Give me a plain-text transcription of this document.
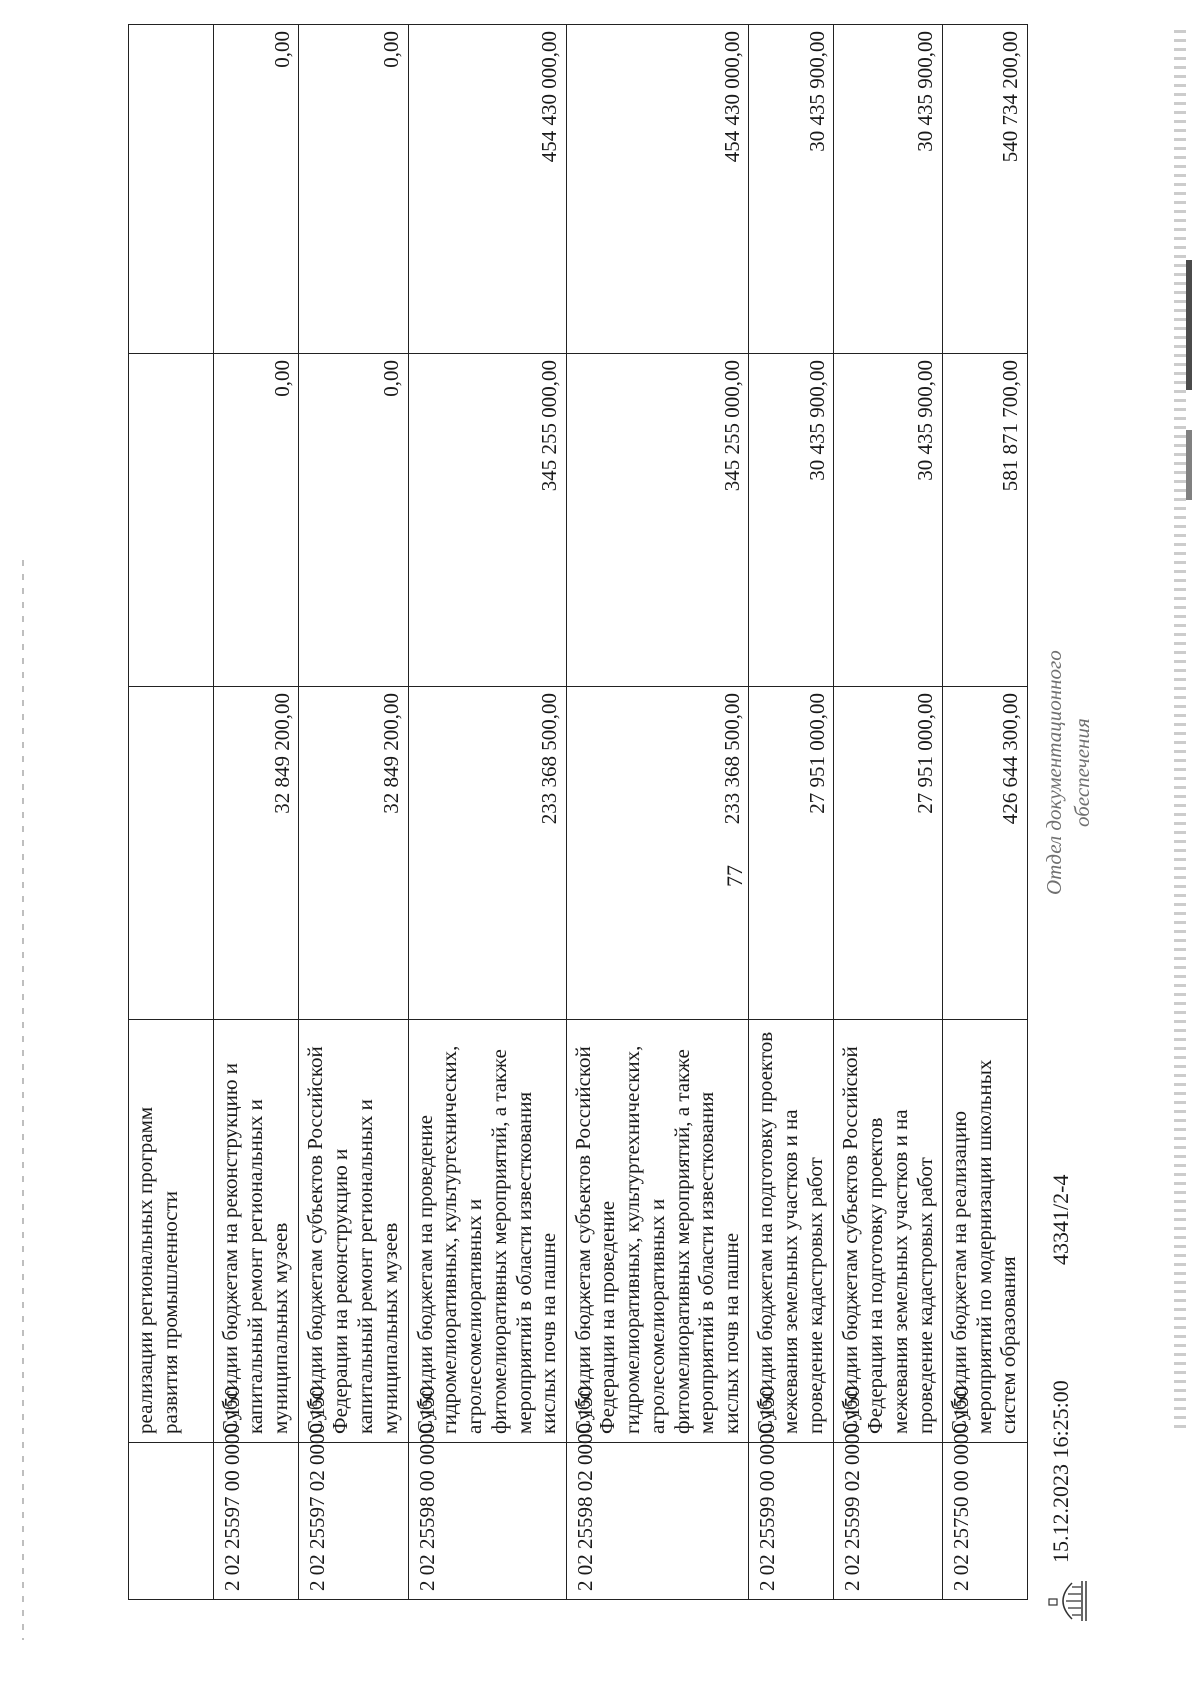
77
	реализации региональных программ развития промышленности			
2 02 25597 00 0000 150	Субсидии бюджетам на реконструкцию и капитальный ремонт региональных и муниципальных музеев	32 849 200,00	0,00	0,00
2 02 25597 02 0000 150	Субсидии бюджетам субъектов Российской Федерации на реконструкцию и капитальный ремонт региональных и муниципальных музеев	32 849 200,00	0,00	0,00
2 02 25598 00 0000 150	Субсидии бюджетам на проведение гидромелиоративных, культуртехнических, агролесомелиоративных и фитомелиоративных мероприятий, а также мероприятий в области известкования кислых почв на пашне	233 368 500,00	345 255 000,00	454 430 000,00
2 02 25598 02 0000 150	Субсидии бюджетам субъектов Российской Федерации на проведение гидромелиоративных, культуртехнических, агролесомелиоративных и фитомелиоративных мероприятий, а также мероприятий в области известкования кислых почв на пашне	233 368 500,00	345 255 000,00	454 430 000,00
2 02 25599 00 0000 150	Субсидии бюджетам на подготовку проектов межевания земельных участков и на проведение кадастровых работ	27 951 000,00	30 435 900,00	30 435 900,00
2 02 25599 02 0000 150	Субсидии бюджетам субъектов Российской Федерации на подготовку проектов межевания земельных участков и на проведение кадастровых работ	27 951 000,00	30 435 900,00	30 435 900,00
2 02 25750 00 0000 150	Субсидии бюджетам на реализацию мероприятий по модернизации школьных систем образования	426 644 300,00	581 871 700,00	540 734 200,00
15.12.2023 16:25:00
43341/2-4
Отдел документационного обеспечения
